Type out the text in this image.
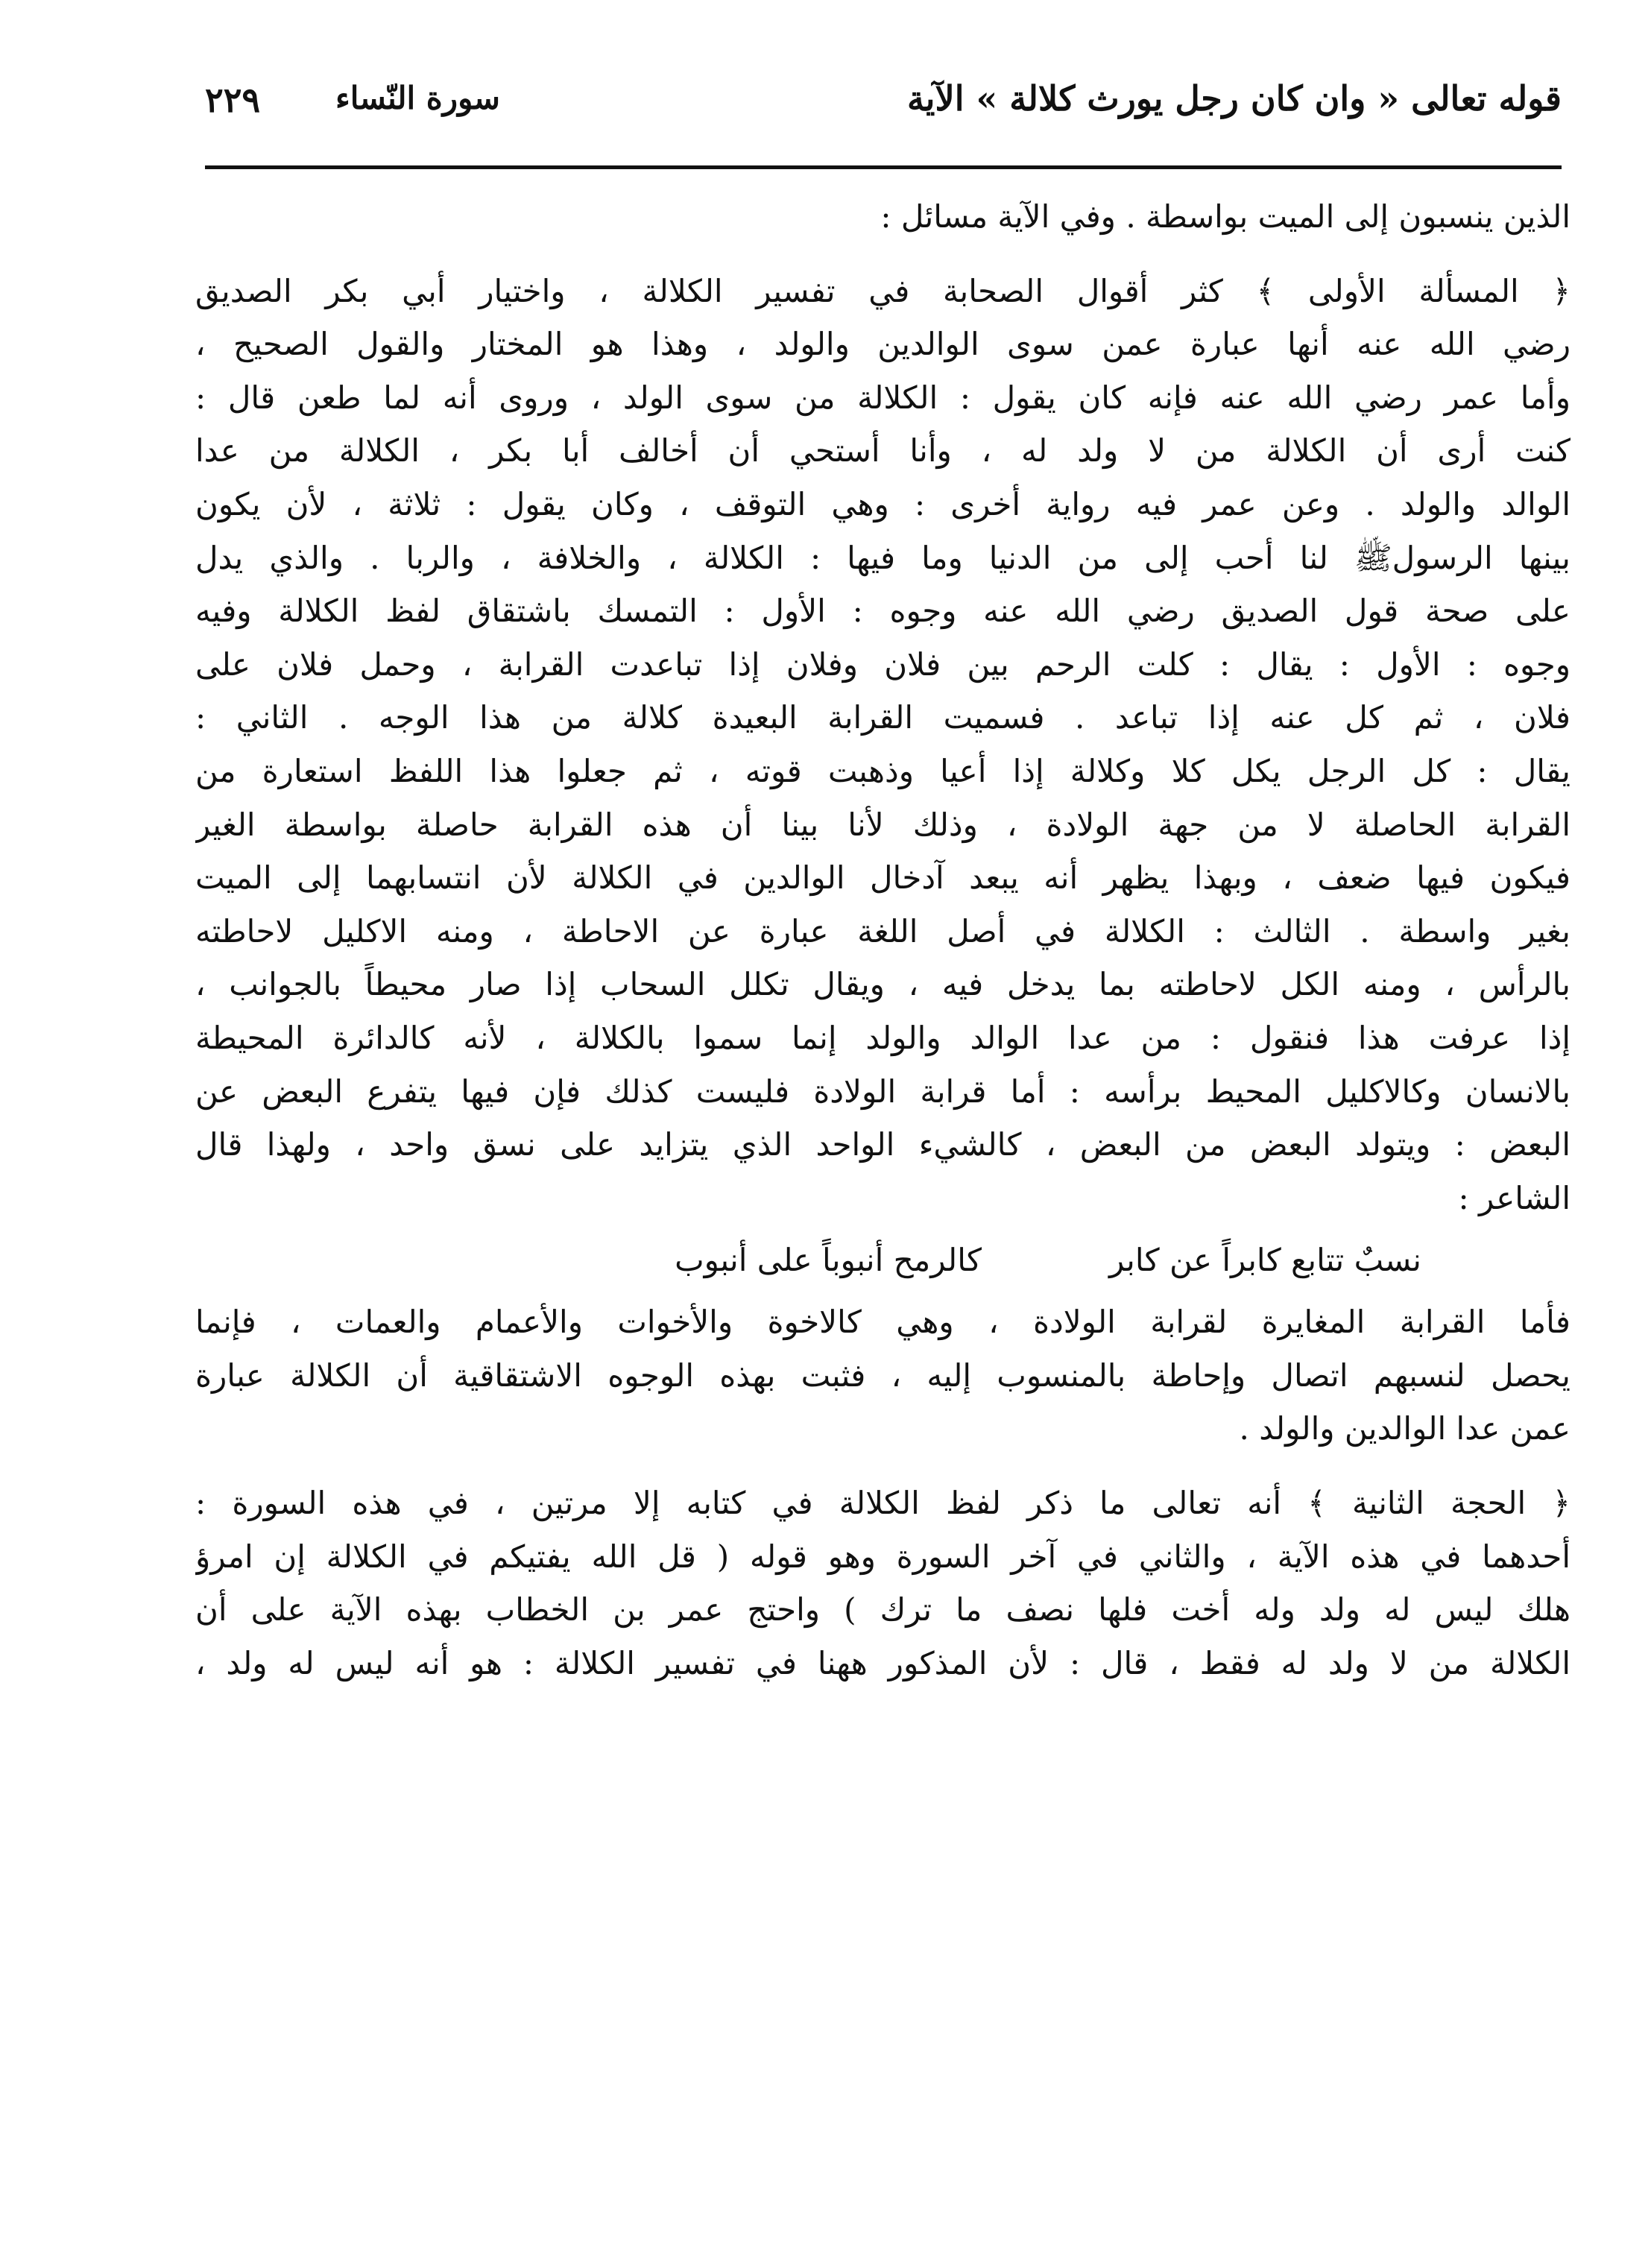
قوله تعالى « وان كان رجل يورث كلالة » الآية
سورة النّساء
٢٢٩
الذين ينسبون إلى الميت بواسطة . وفي الآية مسائل :
﴿ المسألة الأولى ﴾ كثر أقوال الصحابة في تفسير الكلالة ، واختيار أبي بكر الصديق
رضي الله عنه أنها عبارة عمن سوى الوالدين والولد ، وهذا هو المختار والقول الصحيح ،
وأما عمر رضي الله عنه فإنه كان يقول : الكلالة من سوى الولد ، وروى أنه لما طعن قال :
كنت أرى أن الكلالة من لا ولد له ، وأنا أستحي أن أخالف أبا بكر ، الكلالة من عدا
الوالد والولد . وعن عمر فيه رواية أخرى : وهي التوقف ، وكان يقول : ثلاثة ، لأن يكون
بينها الرسولﷺ لنا أحب إلى من الدنيا وما فيها : الكلالة ، والخلافة ، والربا . والذي يدل
على صحة قول الصديق رضي الله عنه وجوه : الأول : التمسك باشتقاق لفظ الكلالة وفيه
وجوه : الأول : يقال : كلت الرحم بين فلان وفلان إذا تباعدت القرابة ، وحمل فلان على
فلان ، ثم كل عنه إذا تباعد . فسميت القرابة البعيدة كلالة من هذا الوجه . الثاني :
يقال : كل الرجل يكل كلا وكلالة إذا أعيا وذهبت قوته ، ثم جعلوا هذا اللفظ استعارة من
القرابة الحاصلة لا من جهة الولادة ، وذلك لأنا بينا أن هذه القرابة حاصلة بواسطة الغير
فيكون فيها ضعف ، وبهذا يظهر أنه يبعد آدخال الوالدين في الكلالة لأن انتسابهما إلى الميت
بغير واسطة . الثالث : الكلالة في أصل اللغة عبارة عن الاحاطة ، ومنه الاكليل لاحاطته
بالرأس ، ومنه الكل لاحاطته بما يدخل فيه ، ويقال تكلل السحاب إذا صار محيطاً بالجوانب ،
إذا عرفت هذا فنقول : من عدا الوالد والولد إنما سموا بالكلالة ، لأنه كالدائرة المحيطة
بالانسان وكالاكليل المحيط برأسه : أما قرابة الولادة فليست كذلك فإن فيها يتفرع البعض عن
البعض : ويتولد البعض من البعض ، كالشيء الواحد الذي يتزايد على نسق واحد ، ولهذا قال
الشاعر :
نسبٌ تتابع كابراً عن كابر
كالرمح أنبوباً على أنبوب
فأما القرابة المغايرة لقرابة الولادة ، وهي كالاخوة والأخوات والأعمام والعمات ، فإنما
يحصل لنسبهم اتصال وإحاطة بالمنسوب إليه ، فثبت بهذه الوجوه الاشتقاقية أن الكلالة عبارة
عمن عدا الوالدين والولد .
﴿ الحجة الثانية ﴾ أنه تعالى ما ذكر لفظ الكلالة في كتابه إلا مرتين ، في هذه السورة :
أحدهما في هذه الآية ، والثاني في آخر السورة وهو قوله ( قل الله يفتيكم في الكلالة إن امرؤ
هلك ليس له ولد وله أخت فلها نصف ما ترك ) واحتج عمر بن الخطاب بهذه الآية على أن
الكلالة من لا ولد له فقط ، قال : لأن المذكور ههنا في تفسير الكلالة : هو أنه ليس له ولد ،
